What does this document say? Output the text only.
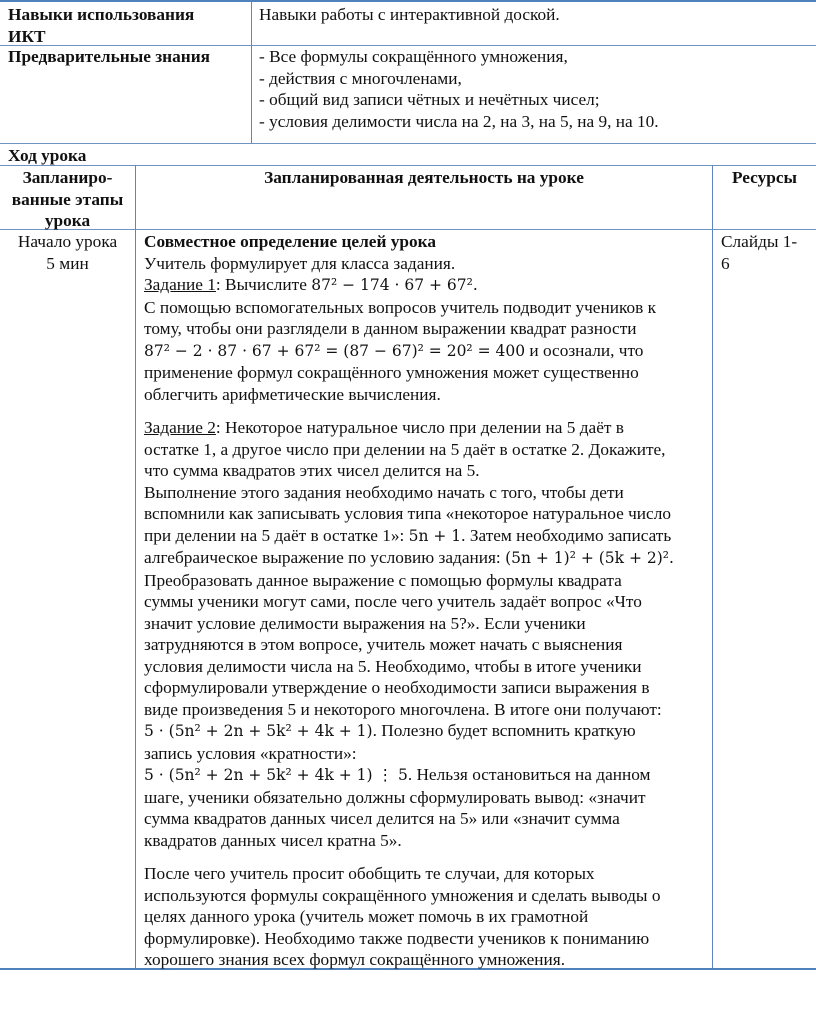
Навыки использования
ИКТ
Навыки работы с интерактивной доской.
Предварительные знания	- Все формулы сокращённого умножения,
- действия с многочленами,
- общий вид записи чётных и нечётных чисел;
- условия делимости числа на 2, на 3, на 5, на 9, на 10.
Ход урока
Запланиро-
ванные этапы
урока
Запланированная деятельность на уроке	Ресурсы
Начало урока
5 мин
Слайды 1-
6
Совместное определение целей урока
Учитель формулирует для класса задания.
Задание 1: Вычислите 87² − 174 · 67 + 67².
С помощью вспомогательных вопросов учитель подводит учеников к
тому, чтобы они разглядели в данном выражении квадрат разности
87² − 2 · 87 · 67 + 67² = (87 − 67)² = 20² = 400 и осознали, что
применение формул сокращённого умножения может существенно
облегчить арифметические вычисления.
Задание 2: Некоторое натуральное число при делении на 5 даёт в
остатке 1, а другое число при делении на 5 даёт в остатке 2. Докажите,
что сумма квадратов этих чисел делится на 5.
Выполнение этого задания необходимо начать с того, чтобы дети
вспомнили как записывать условия типа «некоторое натуральное число
при делении на 5 даёт в остатке 1»: 5n + 1. Затем необходимо записать
алгебраическое выражение по условию задания: (5n + 1)² + (5k + 2)².
Преобразовать данное выражение с помощью формулы квадрата
суммы ученики могут сами, после чего учитель задаёт вопрос «Что
значит условие делимости выражения на 5?». Если ученики
затрудняются в этом вопросе, учитель может начать с выяснения
условия делимости числа на 5. Необходимо, чтобы в итоге ученики
сформулировали утверждение о необходимости записи выражения в
виде произведения 5 и некоторого многочлена. В итоге они получают:
5 · (5n² + 2n + 5k² + 4k + 1). Полезно будет вспомнить краткую
запись условия «кратности»:
5 · (5n² + 2n + 5k² + 4k + 1) ⋮ 5. Нельзя остановиться на данном
шаге, ученики обязательно должны сформулировать вывод: «значит
сумма квадратов данных чисел делится на 5» или «значит сумма
квадратов данных чисел кратна 5».
После чего учитель просит обобщить те случаи, для которых
используются формулы сокращённого умножения и сделать выводы о
целях данного урока (учитель может помочь в их грамотной
формулировке). Необходимо также подвести учеников к пониманию
хорошего знания всех формул сокращённого умножения.
